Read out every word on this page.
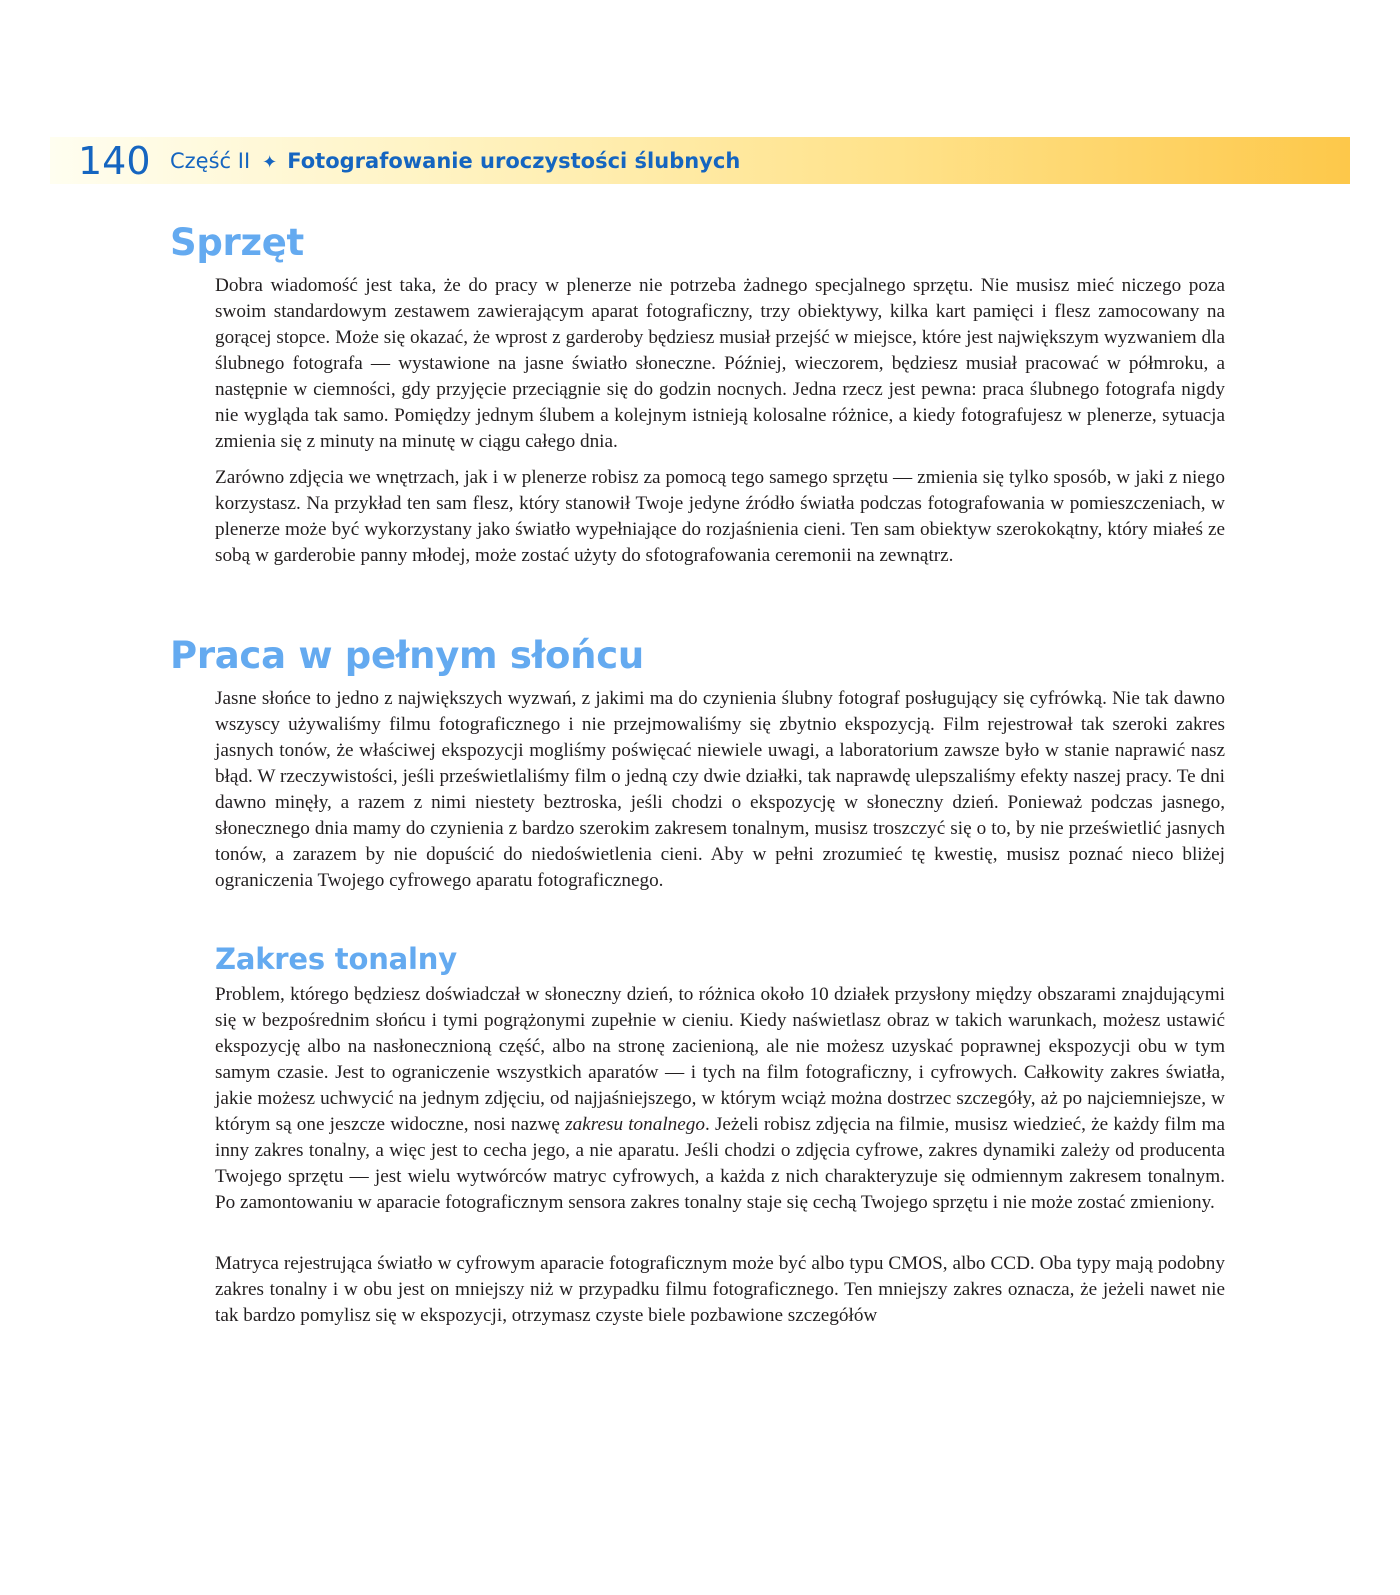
140 Część II ✦ Fotografowanie uroczystości ślubnych
Sprzęt

Dobra wiadomość jest taka, że do pracy w plenerze nie potrzeba żadnego specjalnego sprzętu. Nie musisz mieć niczego poza swoim standardowym zestawem zawierającym aparat fotograficzny, trzy obiektywy, kilka kart pamięci i flesz zamocowany na gorącej stopce. Może się okazać, że wprost z garderoby będziesz musiał przejść w miejsce, które jest największym wyzwaniem dla ślubnego fotografa — wystawione na jasne światło słoneczne. Później, wieczorem, będziesz musiał pracować w półmroku, a następnie w ciemności, gdy przyjęcie przeciągnie się do godzin nocnych. Jedna rzecz jest pewna: praca ślubnego fotografa nigdy nie wygląda tak samo. Pomiędzy jednym ślubem a kolejnym istnieją kolosalne różnice, a kiedy fotografujesz w plenerze, sytuacja zmienia się z minuty na minutę w ciągu całego dnia.

Zarówno zdjęcia we wnętrzach, jak i w plenerze robisz za pomocą tego samego sprzętu — zmienia się tylko sposób, w jaki z niego korzystasz. Na przykład ten sam flesz, który stanowił Twoje jedyne źródło światła podczas fotografowania w pomieszczeniach, w plenerze może być wykorzystany jako światło wypełniające do rozjaśnienia cieni. Ten sam obiektyw szerokokątny, który miałeś ze sobą w garderobie panny młodej, może zostać użyty do sfotografowania ceremonii na zewnątrz.

Praca w pełnym słońcu

Jasne słońce to jedno z największych wyzwań, z jakimi ma do czynienia ślubny fotograf posługujący się cyfrówką. Nie tak dawno wszyscy używaliśmy filmu fotograficznego i nie przejmowaliśmy się zbytnio ekspozycją. Film rejestrował tak szeroki zakres jasnych tonów, że właściwej ekspozycji mogliśmy poświęcać niewiele uwagi, a laboratorium zawsze było w stanie naprawić nasz błąd. W rzeczywistości, jeśli prześwietlaliśmy film o jedną czy dwie działki, tak naprawdę ulepszaliśmy efekty naszej pracy. Te dni dawno minęły, a razem z nimi niestety beztroska, jeśli chodzi o ekspozycję w słoneczny dzień. Ponieważ podczas jasnego, słonecznego dnia mamy do czynienia z bardzo szerokim zakresem tonalnym, musisz troszczyć się o to, by nie prześwietlić jasnych tonów, a zarazem by nie dopuścić do niedoświetlenia cieni. Aby w pełni zrozumieć tę kwestię, musisz poznać nieco bliżej ograniczenia Twojego cyfrowego aparatu fotograficznego.

Zakres tonalny

Problem, którego będziesz doświadczał w słoneczny dzień, to różnica około 10 działek przysłony między obszarami znajdującymi się w bezpośrednim słońcu i tymi pogrążonymi zupełnie w cieniu. Kiedy naświetlasz obraz w takich warunkach, możesz ustawić ekspozycję albo na nasłonecznioną część, albo na stronę zacienioną, ale nie możesz uzyskać poprawnej ekspozycji obu w tym samym czasie. Jest to ograniczenie wszystkich aparatów — i tych na film fotograficzny, i cyfrowych. Całkowity zakres światła, jakie możesz uchwycić na jednym zdjęciu, od najjaśniejszego, w którym wciąż można dostrzec szczegóły, aż po najciemniejsze, w którym są one jeszcze widoczne, nosi nazwę zakresu tonalnego. Jeżeli robisz zdjęcia na filmie, musisz wiedzieć, że każdy film ma inny zakres tonalny, a więc jest to cecha jego, a nie aparatu. Jeśli chodzi o zdjęcia cyfrowe, zakres dynamiki zależy od producenta Twojego sprzętu — jest wielu wytwórców matryc cyfrowych, a każda z nich charakteryzuje się odmiennym zakresem tonalnym. Po zamontowaniu w aparacie fotograficznym sensora zakres tonalny staje się cechą Twojego sprzętu i nie może zostać zmieniony.

Matryca rejestrująca światło w cyfrowym aparacie fotograficznym może być albo typu CMOS, albo CCD. Oba typy mają podobny zakres tonalny i w obu jest on mniejszy niż w przypadku filmu fotograficznego. Ten mniejszy zakres oznacza, że jeżeli nawet nie tak bardzo pomylisz się w ekspozycji, otrzymasz czyste biele pozbawione szczegółów
